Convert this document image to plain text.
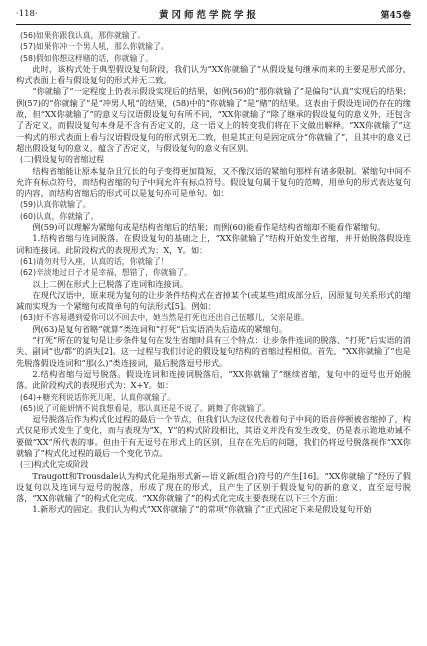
·118·	黄冈师范学院学报	第45卷

(56)如果你跟我认真，那你就输了。

(57)如果你冲一个男人吼，那么你就输了。

(58)假如你想这样赌的话，你就输了。

此时，该构式处于典型假设复句阶段，我们认为“XX你就输了”从假设复句继承而来的主要是形式部分，构式表面上看与假设复句的形式并无二致。

“你就输了”一定程度上仍表示假设实现后的结果，如例(56)的“那你就输了”是偏句“认真”实现后的结果；例(57)的“你就输了”是“冲男人吼”的结果，(58)中的“你就输了”是“赌”的结果。这表由于假设连词仍存在的缘故，但“XX你就输了”的意义与汉语假设复句有所不同，“XX你就输了”除了继承的假设复句的意义外，还包含了否定义，而假设复句本身是不含有否定义的，这一语义上的转变我们将在下文做出解释。“XX你就输了”这一构式的形式表面上看与汉语假设复句的形式别无二致，但是其正句是固定成分“你就输了”，且其中的意义已超出假设复句的意义，蕴含了否定义，与假设复句的意义有区别。

(二)假设复句的省缩过程

结构省缩能让原本复杂且冗长的句子变得更加简短，又不像汉语的紧缩句那样有诸多限制。紧缩句中间不允许有标点符号，而结构省缩的句子中间允许有标点符号。假设复句属于复句的范畴，用单句的形式表达复句的内容，而结构省缩后的形式可以是复句亦可是单句。如：

(59)认真你就输了。

(60)认真，你就输了。

例(59)可以理解为紧缩句或是结构省缩后的结果；而例(60)能看作是结构省缩却不能看作紧缩句。

1.结构省缩与连词脱落。在假设复句的基础之上，“XX你就输了”结构开始发生省缩，并开始脱落假设连词和连接词。此阶段构式的表现形式为：X，Y。如：

(61)请勿对号入座，认真的话，你就输了！

(62)辛淡地过日子才是幸福，想错了，你就输了。

以上二例在形式上已脱落了连词和连接词。

在现代汉语中，原来现为复句的让步条件结构式在省掉某个(或某些)组成部分后，因原复句关系形式的缩减而实现为一个紧缩句或简单句的句法形式[5]。例如：

(63)好不容易遇到爱你可以不回去中，她当然是打死也还出自己伍哪儿，父亲是谁。

例(63)是复句省略“就算”类连词和“打死”后实语消失后造成的紧缩句。

“打死”所在的复句是让步条件复句在发生省缩时具有三个特点：让步条件连词的脱落、“打死”后实语的消失、副词“也/都”的消失[2]。这一过程与我们讨论的假设复句结构的省缩过程相似。首先，“XX你就输了”也是先脱落假设连词和“那(么)”类连接词，最后脱落逗号形式。

2.结构省缩与逗号脱落。假设连词和连接词脱落后，“XX你就输了”继续省缩，复句中的逗号也开始脱落。此阶段构式的表现形式为：X+Y。如：

(64)+糖充利说话你死儿呢，认真你就输了。

(65)说了可能妍情不说我想看是，那认真还是不说了。跳舞了你就输了。

逗号脱落后作为构式化过程的最后一个节点，但我们认为这仅代表着句子中间的语音停顿被省缩掉了，构式仅是形式发生了变化，而与表现为“X，Y”的构式阶段相比，其语义并没有发生改变，仍是表示诡地劝诫不要做“XX”所代表的事。但由于有无逗号在形式上的区别，且存在先后的问题，我们仍将逗号脱落视作“XX你就输了”构式化过程的最后一个变化节点。

(三)构式化完成阶段

Traugott和Trousdale认为构式化是指形式新—语义新(组合)符号的产生[16]。“XX你就输了”经历了假设复句以及连词与逗号的脱落，形成了现在的形式，且产生了区别于假设复句的新的意义，直至逗号脱落，“XX你就输了”的构式化完成。“XX你就输了”的构式化完成主要表现在以下三个方面：

1.新形式的固定。我们认为构式“XX你就输了”的常项“你就输了”正式固定下来是假设复句开始
